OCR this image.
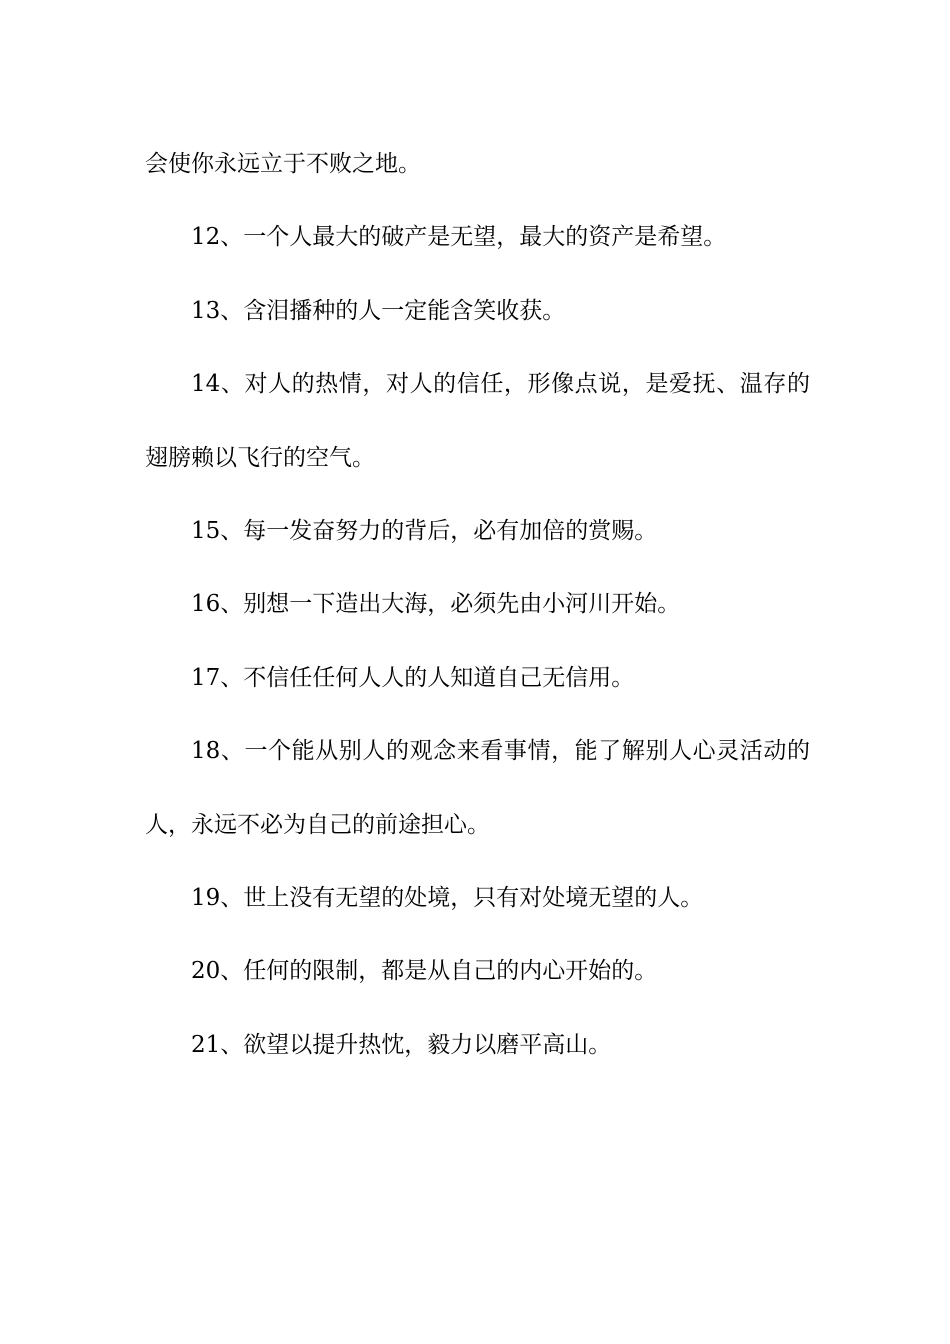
会使你永远立于不败之地。

12、一个人最大的破产是无望，最大的资产是希望。

13、含泪播种的人一定能含笑收获。

14、对人的热情，对人的信任，形像点说，是爱抚、温存的翅膀赖以飞行的空气。

15、每一发奋努力的背后，必有加倍的赏赐。

16、别想一下造出大海，必须先由小河川开始。

17、不信任任何人人的人知道自己无信用。

18、一个能从别人的观念来看事情，能了解别人心灵活动的人，永远不必为自己的前途担心。

19、世上没有无望的处境，只有对处境无望的人。

20、任何的限制，都是从自己的内心开始的。

21、欲望以提升热忱，毅力以磨平高山。
